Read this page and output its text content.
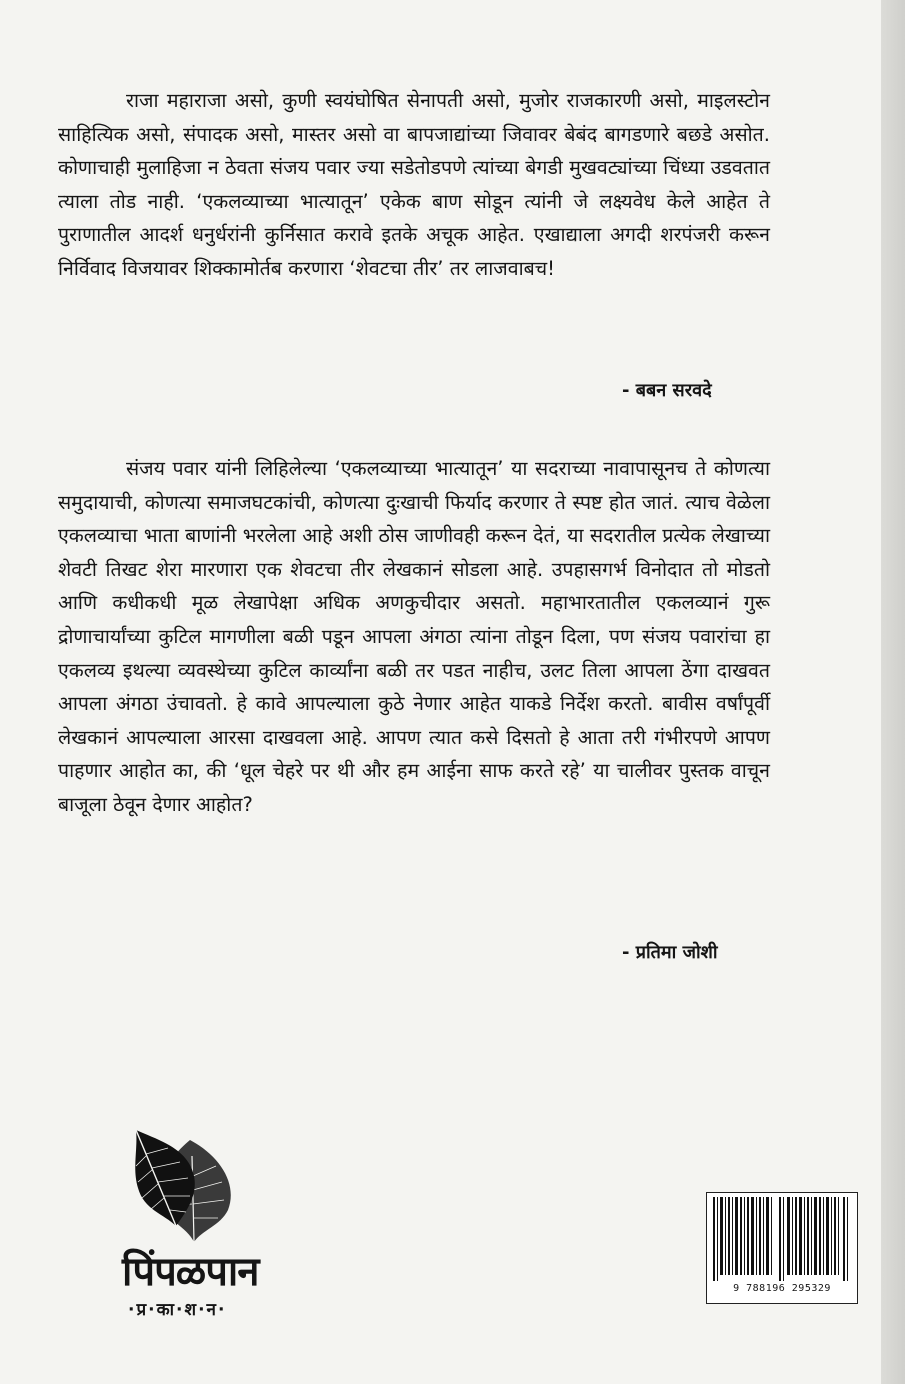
राजा महाराजा असो, कुणी स्वयंघोषित सेनापती असो, मुजोर राजकारणी असो, माइलस्टोन साहित्यिक असो, संपादक असो, मास्तर असो वा बापजाद्यांच्या जिवावर बेबंद बागडणारे बछडे असोत. कोणाचाही मुलाहिजा न ठेवता संजय पवार ज्या सडेतोडपणे त्यांच्या बेगडी मुखवट्यांच्या चिंध्या उडवतात त्याला तोड नाही. ‘एकलव्याच्या भात्यातून’ एकेक बाण सोडून त्यांनी जे लक्ष्यवेध केले आहेत ते पुराणातील आदर्श धनुर्धरांनी कुर्निसात करावे इतके अचूक आहेत. एखाद्याला अगदी शरपंजरी करून निर्विवाद विजयावर शिक्कामोर्तब करणारा ‘शेवटचा तीर’ तर लाजवाबच!

- बबन सरवदे

संजय पवार यांनी लिहिलेल्या ‘एकलव्याच्या भात्यातून’ या सदराच्या नावापासूनच ते कोणत्या समुदायाची, कोणत्या समाजघटकांची, कोणत्या दुःखाची फिर्याद करणार ते स्पष्ट होत जातं. त्याच वेळेला एकलव्याचा भाता बाणांनी भरलेला आहे अशी ठोस जाणीवही करून देतं, या सदरातील प्रत्येक लेखाच्या शेवटी तिखट शेरा मारणारा एक शेवटचा तीर लेखकानं सोडला आहे. उपहासगर्भ विनोदात तो मोडतो आणि कधीकधी मूळ लेखापेक्षा अधिक अणकुचीदार असतो. महाभारतातील एकलव्यानं गुरू द्रोणाचार्यांच्या कुटिल मागणीला बळी पडून आपला अंगठा त्यांना तोडून दिला, पण संजय पवारांचा हा एकलव्य इथल्या व्यवस्थेच्या कुटिल कार्व्यांना बळी तर पडत नाहीच, उलट तिला आपला ठेंगा दाखवत आपला अंगठा उंचावतो. हे कावे आपल्याला कुठे नेणार आहेत याकडे निर्देश करतो. बावीस वर्षांपूर्वी लेखकानं आपल्याला आरसा दाखवला आहे. आपण त्यात कसे दिसतो हे आता तरी गंभीरपणे आपण पाहणार आहोत का, की ‘धूल चेहरे पर थी और हम आईना साफ करते रहे’ या चालीवर पुस्तक वाचून बाजूला ठेवून देणार आहोत?

- प्रतिमा जोशी
पिंपळपान
·प्र·का·श·न·
9 788196 295329
